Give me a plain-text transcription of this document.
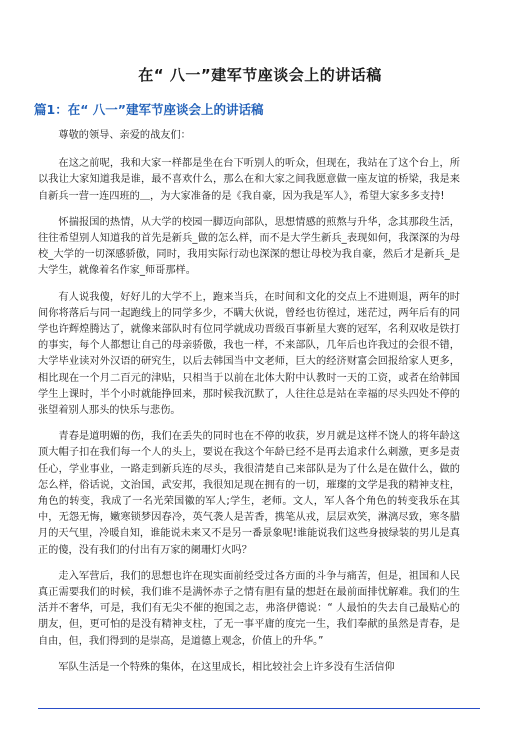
在“ 八一”建军节座谈会上的讲话稿
篇1：在“ 八一”建军节座谈会上的讲话稿

尊敬的领导、亲爱的战友们：

在这之前呢，我和大家一样都是坐在台下听别人的听众，但现在，我站在了这个台上，所以我让大家知道我是谁，最不喜欢什么，那么在和大家之间我愿意做一座友谊的桥梁，我是来自新兵一营一连四班的＿，为大家准备的是《我自豪，因为我是军人》，希望大家多多支持!

怀揣报国的热情，从大学的校园一脚迈向部队，思想情感的煎熬与升华，念其那段生活，往往希望别人知道我的首先是新兵_做的怎么样，而不是大学生新兵_表现如何，我深深的为母校_大学的一切深感骄傲，同时，我用实际行动也深深的想让母校为我自豪，然后才是新兵_是大学生，就像着名作家_师哥那样。

有人说我傻，好好儿的大学不上，跑来当兵，在时间和文化的交点上不进则退，两年的时间你将落后与同一起跑线上的同学多少，不瞒大伙说，曾经也彷徨过，迷茫过，两年后有的同学也许辉煌腾达了，就像来部队时有位同学就成功晋级百事新星大赛的冠军，名利双收是铁打的事实，每个人都想让自己的母亲骄傲，我也一样，不来部队，几年后也许我过的会很不错，大学毕业读对外汉语的研究生，以后去韩国当中文老师，巨大的经济财富会回报给家人更多，相比现在一个月二百元的津贴，只相当于以前在北体大附中认教时一天的工资，或者在给韩国学生上课时，半个小时就能挣回来，那时候我沉默了，人往往总是站在幸福的尽头四处不停的张望着别人那头的快乐与悲伤。

青春是道明媚的伤，我们在丢失的同时也在不停的收获，岁月就是这样不饶人的将年龄这顶大帽子扣在我们每一个人的头上，要说在我这个年龄已经不是再去追求什么刺激，更多是责任心，学业事业，一路走到新兵连的尽头，我很清楚自己来部队是为了什么是在做什么，做的怎么样，俗话说，文治国，武安邦，我很知足现在拥有的一切，璀璨的文学是我的精神支柱，角色的转变，我成了一名光荣国徽的军人;学生，老师。文人，军人各个角色的转变我乐在其中，无怨无悔，嫩寒锁梦因春冷，英气袭人是苦香，携笔从戎，层层欢笑，淋漓尽致，寒冬腊月的天气里，冷暖自知，谁能说未来又不是另一番景象呢!谁能说我们这些身披绿装的男儿是真正的傻，没有我们的付出有万家的阑珊灯火吗？

走入军营后，我们的思想也许在现实面前经受过各方面的斗争与痛苦，但是，祖国和人民真正需要我们的时候，我们谁不是满怀赤子之情有胆有量的想赶在最前面排忧解难。我们的生活并不奢华，可是，我们有无尖不催的抱国之志，弗洛伊德说：“ 人最怕的失去自己最贴心的朋友，但，更可怕的是没有精神支柱，了无一事平庸的度完一生，我们奉献的虽然是青春，是自由，但，我们得到的是崇高，是道德上观念，价值上的升华。”

军队生活是一个特殊的集体，在这里成长，相比较社会上许多没有生活信仰
